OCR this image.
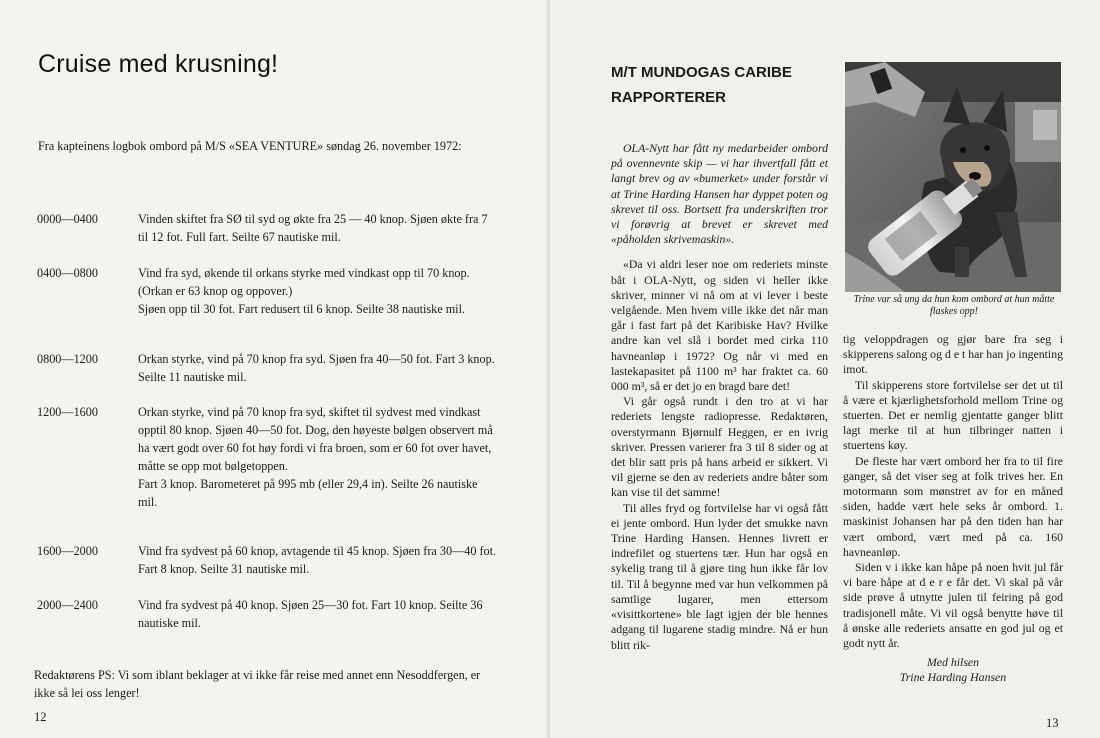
Cruise med krusning!

Fra kapteinens logbok ombord på M/S «SEA VENTURE» søndag 26. november 1972:

0000—0400	Vinden skiftet fra SØ til syd og økte fra 25 — 40 knop. Sjøen økte fra 7 til 12 fot. Full fart. Seilte 67 nautiske mil.
0400—0800	Vind fra syd, økende til orkans styrke med vindkast opp til 70 knop. (Orkan er 63 knop og oppover.)
Sjøen opp til 30 fot. Fart redusert til 6 knop. Seilte 38 nautiske mil.
0800—1200	Orkan styrke, vind på 70 knop fra syd. Sjøen fra 40—50 fot. Fart 3 knop. Seilte 11 nautiske mil.
1200—1600	Orkan styrke, vind på 70 knop fra syd, skiftet til sydvest med vindkast opptil 80 knop. Sjøen 40—50 fot. Dog, den høyeste bølgen observert må ha vært godt over 60 fot høy fordi vi fra broen, som er 60 fot over havet, måtte se opp mot bølgetoppen.
Fart 3 knop. Barometeret på 995 mb (eller 29,4 in). Seilte 26 nautiske mil.
1600—2000	Vind fra sydvest på 60 knop, avtagende til 45 knop. Sjøen fra 30—40 fot. Fart 8 knop. Seilte 31 nautiske mil.
2000—2400	Vind fra sydvest på 40 knop. Sjøen 25—30 fot. Fart 10 knop. Seilte 36 nautiske mil.

Redaktørens PS: Vi som iblant beklager at vi ikke får reise med annet enn Nesoddfergen, er ikke så lei oss lenger!

12
M/T MUNDOGAS CARIBE
RAPPORTERER

Trine var så ung da hun kom ombord at hun måtte flaskes opp!

OLA-Nytt har fått ny medarbeider ombord på ovennevnte skip — vi har ihvertfall fått et langt brev og av «bumerket» under forstår vi at Trine Harding Hansen har dyppet poten og skrevet til oss. Bortsett fra underskriften tror vi forøvrig at brevet er skrevet med «påholden skrivemaskin».

«Da vi aldri leser noe om rederiets minste båt i OLA-Nytt, og siden vi heller ikke skriver, minner vi nå om at vi lever i beste velgående. Men hvem ville ikke det når man går i fast fart på det Karibiske Hav? Hvilke andre kan vel slå i bordet med cirka 110 havneanløp i 1972? Og når vi med en lastekapasitet på 1100 m³ har fraktet ca. 60 000 m³, så er det jo en bragd bare det!

Vi går også rundt i den tro at vi har rederiets lengste radiopresse. Redaktøren, overstyrmann Bjørnulf Heggen, er en ivrig skriver. Pressen varierer fra 3 til 8 sider og at det blir satt pris på hans arbeid er sikkert. Vi vil gjerne se den av rederiets andre båter som kan vise til det samme!

Til alles fryd og fortvilelse har vi også fått ei jente ombord. Hun lyder det smukke navn Trine Harding Hansen. Hennes livrett er indrefilet og stuertens tær. Hun har også en sykelig trang til å gjøre ting hun ikke får lov til. Til å begynne med var hun velkommen på samtlige lugarer, men ettersom «visittkortene» ble lagt igjen der ble hennes adgang til lugarene stadig mindre. Nå er hun blitt rik-

tig veloppdragen og gjør bare fra seg i skipperens salong og d e t har han jo ingenting imot.

Til skipperens store fortvilelse ser det ut til å være et kjærlighetsforhold mellom Trine og stuerten. Det er nemlig gjentatte ganger blitt lagt merke til at hun tilbringer natten i stuertens køy.

De fleste har vært ombord her fra to til fire ganger, så det viser seg at folk trives her. En motormann som mønstret av for en måned siden, hadde vært hele seks år ombord. 1. maskinist Johansen har på den tiden han har vært ombord, vært med på ca. 160 havneanløp.

Siden v i ikke kan håpe på noen hvit jul får vi bare håpe at d e r e får det. Vi skal på vår side prøve å utnytte julen til feiring på god tradisjonell måte. Vi vil også benytte høve til å ønske alle rederiets ansatte en god jul og et godt nytt år.

Med hilsen

Trine Harding Hansen

13
